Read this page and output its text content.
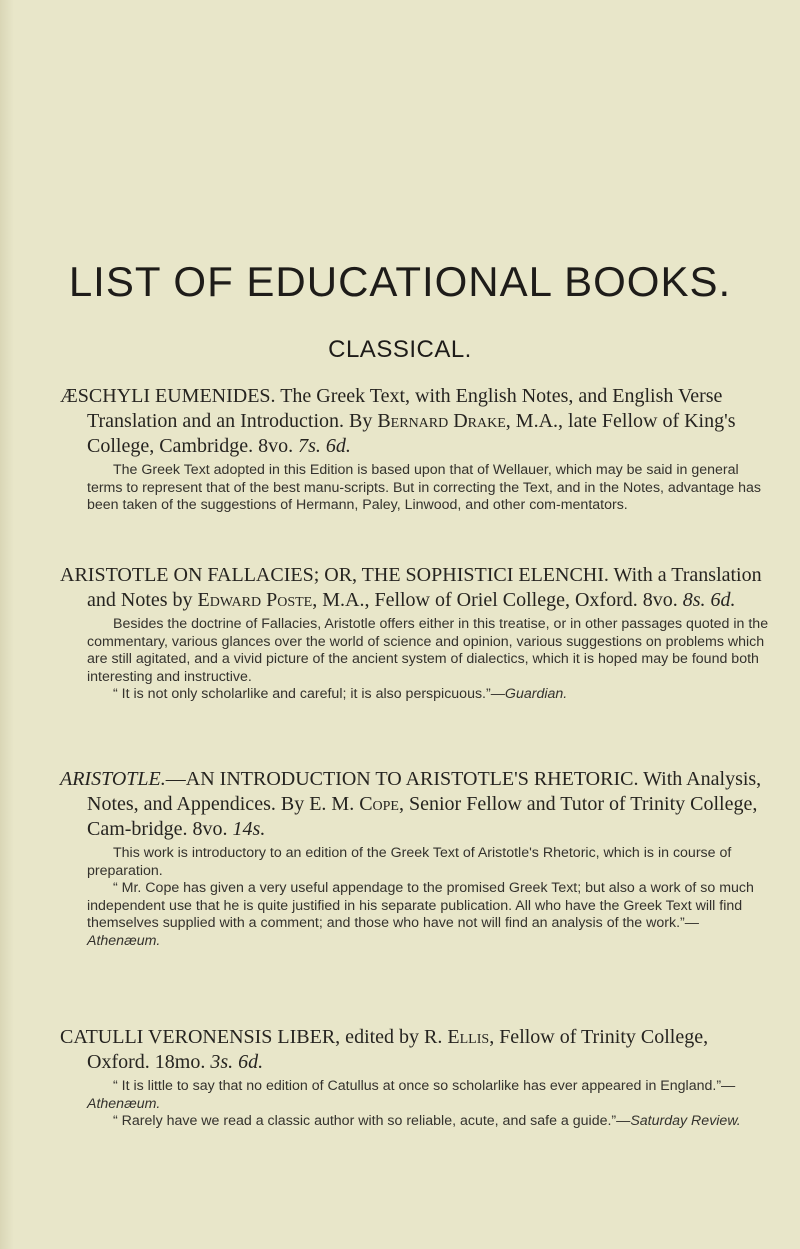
LIST OF EDUCATIONAL BOOKS.
CLASSICAL.
ÆSCHYLI EUMENIDES. The Greek Text, with English Notes, and English Verse Translation and an Introduction. By Bernard Drake, M.A., late Fellow of King's College, Cambridge. 8vo. 7s. 6d.

The Greek Text adopted in this Edition is based upon that of Wellauer, which may be said in general terms to represent that of the best manu-scripts. But in correcting the Text, and in the Notes, advantage has been taken of the suggestions of Hermann, Paley, Linwood, and other com-mentators.

ARISTOTLE ON FALLACIES; OR, THE SOPHISTICI ELENCHI. With a Translation and Notes by Edward Poste, M.A., Fellow of Oriel College, Oxford. 8vo. 8s. 6d.

Besides the doctrine of Fallacies, Aristotle offers either in this treatise, or in other passages quoted in the commentary, various glances over the world of science and opinion, various suggestions on problems which are still agitated, and a vivid picture of the ancient system of dialectics, which it is hoped may be found both interesting and instructive.

“ It is not only scholarlike and careful; it is also perspicuous.”—Guardian.

ARISTOTLE.—AN INTRODUCTION TO ARISTOTLE'S RHETORIC. With Analysis, Notes, and Appendices. By E. M. Cope, Senior Fellow and Tutor of Trinity College, Cam-bridge. 8vo. 14s.

This work is introductory to an edition of the Greek Text of Aristotle's Rhetoric, which is in course of preparation.

“ Mr. Cope has given a very useful appendage to the promised Greek Text; but also a work of so much independent use that he is quite justified in his separate publication. All who have the Greek Text will find themselves supplied with a comment; and those who have not will find an analysis of the work.”—Athenæum.

CATULLI VERONENSIS LIBER, edited by R. Ellis, Fellow of Trinity College, Oxford. 18mo. 3s. 6d.

“ It is little to say that no edition of Catullus at once so scholarlike has ever appeared in England.”—Athenæum.

“ Rarely have we read a classic author with so reliable, acute, and safe a guide.”—Saturday Review.
